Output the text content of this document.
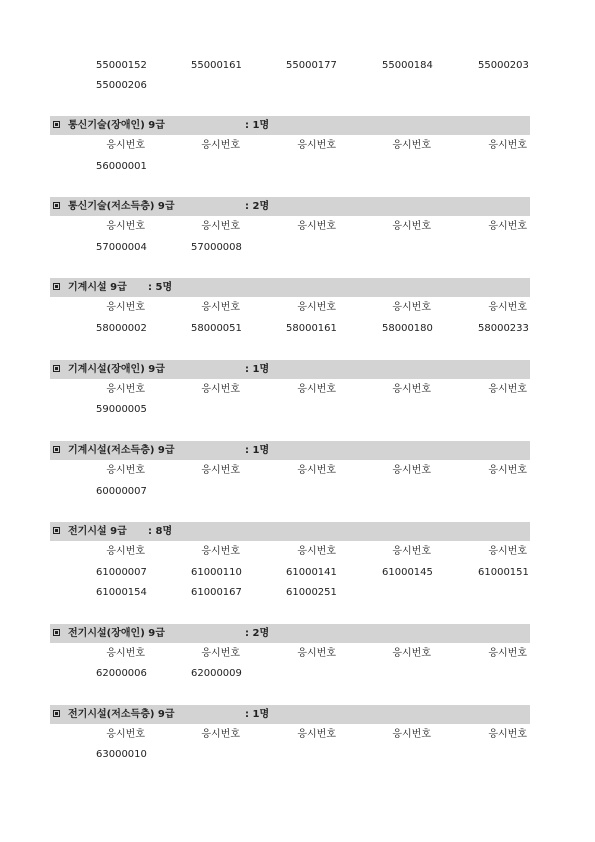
55000152	55000161	55000177	55000184	55000203
55000206
통신기술(장애인) 9급	: 1명
응시번호	응시번호	응시번호	응시번호	응시번호
56000001
통신기술(저소득층) 9급	: 2명
응시번호	응시번호	응시번호	응시번호	응시번호
57000004	57000008
기계시설 9급 : 5명
응시번호	응시번호	응시번호	응시번호	응시번호
58000002	58000051	58000161	58000180	58000233
기계시설(장애인) 9급	: 1명
응시번호	응시번호	응시번호	응시번호	응시번호
59000005
기계시설(저소득층) 9급	: 1명
응시번호	응시번호	응시번호	응시번호	응시번호
60000007
전기시설 9급 : 8명
응시번호	응시번호	응시번호	응시번호	응시번호
61000007	61000110	61000141	61000145	61000151
61000154	61000167	61000251
전기시설(장애인) 9급	: 2명
응시번호	응시번호	응시번호	응시번호	응시번호
62000006	62000009
전기시설(저소득층) 9급	: 1명
응시번호	응시번호	응시번호	응시번호	응시번호
63000010
